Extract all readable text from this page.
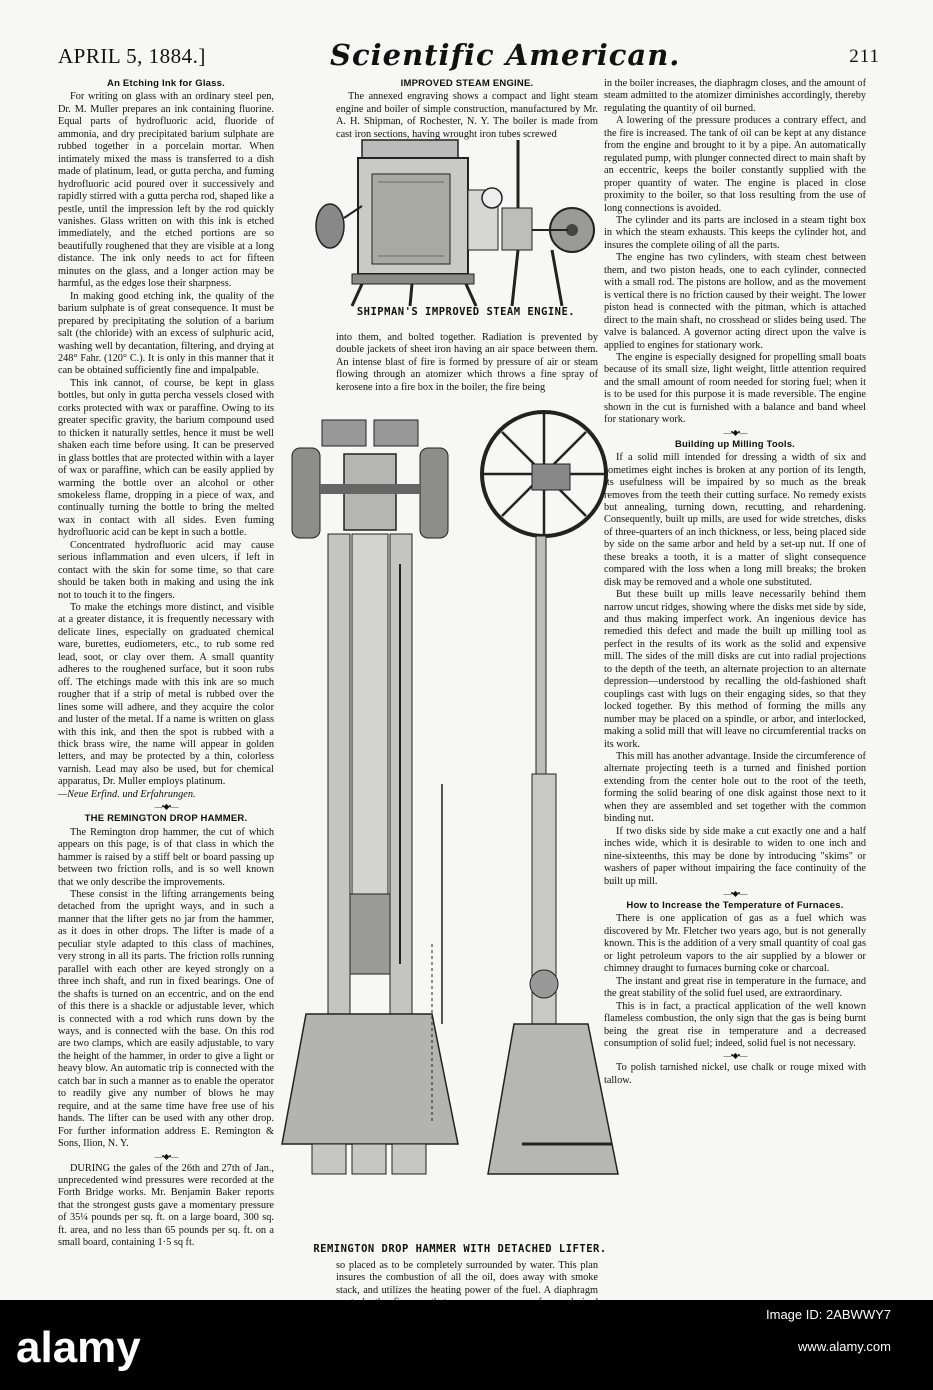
APRIL 5, 1884.]	Scientific American.	211
An Etching Ink for Glass.

For writing on glass with an ordinary steel pen, Dr. M. Muller prepares an ink containing fluorine. Equal parts of hydrofluoric acid, fluoride of ammonia, and dry precipitated barium sulphate are rubbed together in a porcelain mortar. When intimately mixed the mass is transferred to a dish made of platinum, lead, or gutta percha, and fuming hydrofluoric acid poured over it successively and rapidly stirred with a gutta percha rod, shaped like a pestle, until the impression left by the rod quickly vanishes. Glass written on with this ink is etched immediately, and the etched portions are so beautifully roughened that they are visible at a long distance. The ink only needs to act for fifteen minutes on the glass, and a longer action may be harmful, as the edges lose their sharpness.

In making good etching ink, the quality of the barium sulphate is of great consequence. It must be prepared by precipitating the solution of a barium salt (the chloride) with an excess of sulphuric acid, washing well by decantation, filtering, and drying at 248° Fahr. (120° C.). It is only in this manner that it can be obtained sufficiently fine and impalpable.

This ink cannot, of course, be kept in glass bottles, but only in gutta percha vessels closed with corks protected with wax or paraffine. Owing to its greater specific gravity, the barium compound used to thicken it naturally settles, hence it must be well shaken each time before using. It can be preserved in glass bottles that are protected within with a layer of wax or paraffine, which can be easily applied by warming the bottle over an alcohol or other smokeless flame, dropping in a piece of wax, and continually turning the bottle to bring the melted wax in contact with all sides. Even fuming hydrofluoric acid can be kept in such a bottle.

Concentrated hydrofluoric acid may cause serious inflammation and even ulcers, if left in contact with the skin for some time, so that care should be taken both in making and using the ink not to touch it to the fingers.

To make the etchings more distinct, and visible at a greater distance, it is frequently necessary with delicate lines, especially on graduated chemical ware, burettes, eudiometers, etc., to rub some red lead, soot, or clay over them. A small quantity adheres to the roughened surface, but it soon rubs off. The etchings made with this ink are so much rougher that if a strip of metal is rubbed over the lines some will adhere, and they acquire the color and luster of the metal. If a name is written on glass with this ink, and then the spot is rubbed with a thick brass wire, the name will appear in golden letters, and may be protected by a thin, colorless varnish. Lead may also be used, but for chemical apparatus, Dr. Muller employs platinum.

—Neue Erfind. und Erfahrungen.

—•◆•—
THE REMINGTON DROP HAMMER.

The Remington drop hammer, the cut of which appears on this page, is of that class in which the hammer is raised by a stiff belt or board passing up between two friction rolls, and is so well known that we only describe the improvements.

These consist in the lifting arrangements being detached from the upright ways, and in such a manner that the lifter gets no jar from the hammer, as it does in other drops. The lifter is made of a peculiar style adapted to this class of machines, very strong in all its parts. The friction rolls running parallel with each other are keyed strongly on a three inch shaft, and run in fixed bearings. One of the shafts is turned on an eccentric, and on the end of this there is a shackle or adjustable lever, which is connected with a rod which runs down by the ways, and is connected with the base. On this rod are two clamps, which are easily adjustable, to vary the height of the hammer, in order to give a light or heavy blow. An automatic trip is connected with the catch bar in such a manner as to enable the operator to readily give any number of blows he may require, and at the same time have free use of his hands. The lifter can be used with any other drop. For further information address E. Remington & Sons, Ilion, N. Y.

—•◆•—

DURING the gales of the 26th and 27th of Jan., unprecedented wind pressures were recorded at the Forth Bridge works. Mr. Benjamin Baker reports that the strongest gusts gave a momentary pressure of 35¼ pounds per sq. ft. on a large board, 300 sq. ft. area, and no less than 65 pounds per sq. ft. on a small board, containing 1·5 sq ft.

IMPROVED STEAM ENGINE.

The annexed engraving shows a compact and light steam engine and boiler of simple construction, manufactured by Mr. A. H. Shipman, of Rochester, N. Y. The boiler is made from cast iron sections, having wrought iron tubes screwed

SHIPMAN'S IMPROVED STEAM ENGINE.

into them, and bolted together. Radiation is prevented by double jackets of sheet iron having an air space between them. An intense blast of fire is formed by pressure of air or steam flowing through an atomizer which throws a fine spray of kerosene into a fire box in the boiler, the fire being

REMINGTON DROP HAMMER WITH DETACHED LIFTER.

so placed as to be completely surrounded by water. This plan insures the combustion of all the oil, does away with smoke stack, and utilizes the heating power of the fuel. A diaphragm

in the boiler increases, the diaphragm closes, and the amount of steam admitted to the atomizer diminishes accordingly, thereby regulating the quantity of oil burned.

A lowering of the pressure produces a contrary effect, and the fire is increased. The tank of oil can be kept at any distance from the engine and brought to it by a pipe. An automatically regulated pump, with plunger connected direct to main shaft by an eccentric, keeps the boiler constantly supplied with the proper quantity of water. The engine is placed in close proximity to the boiler, so that loss resulting from the use of long connections is avoided.

The cylinder and its parts are inclosed in a steam tight box in which the steam exhausts. This keeps the cylinder hot, and insures the complete oiling of all the parts.

The engine has two cylinders, with steam chest between them, and two piston heads, one to each cylinder, connected with a small rod. The pistons are hollow, and as the movement is vertical there is no friction caused by their weight. The lower piston head is connected with the pitman, which is attached direct to the main shaft, no crosshead or slides being used. The valve is balanced. A governor acting direct upon the valve is applied to engines for stationary work.

The engine is especially designed for propelling small boats because of its small size, light weight, little attention required and the small amount of room needed for storing fuel; when it is to be used for this purpose it is made reversible. The engine shown in the cut is furnished with a balance and band wheel for stationary work.

—•◆•—
Building up Milling Tools.

If a solid mill intended for dressing a width of six and sometimes eight inches is broken at any portion of its length, its usefulness will be impaired by so much as the break removes from the teeth their cutting surface. No remedy exists but annealing, turning down, recutting, and rehardening. Consequently, built up mills, are used for wide stretches, disks of three-quarters of an inch thickness, or less, being placed side by side on the same arbor and held by a set-up nut. If one of these breaks a tooth, it is a matter of slight consequence compared with the loss when a long mill breaks; the broken disk may be removed and a whole one substituted.

But these built up mills leave necessarily behind them narrow uncut ridges, showing where the disks met side by side, and thus making imperfect work. An ingenious device has remedied this defect and made the built up milling tool as perfect in the results of its work as the solid and expensive mill. The sides of the mill disks are cut into radial projections to the depth of the teeth, an alternate projection to an alternate depression—understood by recalling the old-fashioned shaft couplings cast with lugs on their engaging sides, so that they locked together. By this method of forming the mills any number may be placed on a spindle, or arbor, and interlocked, making a solid mill that will leave no circumferential tracks on its work.

This mill has another advantage. Inside the circumference of alternate projecting teeth is a turned and finished portion extending from the center hole out to the root of the teeth, forming the solid bearing of one disk against those next to it when they are assembled and set together with the common binding nut.

If two disks side by side make a cut exactly one and a half inches wide, which it is desirable to widen to one inch and nine-sixteenths, this may be done by introducing "skims" or washers of paper without impairing the face continuity of the built up mill.

—•◆•—
How to Increase the Temperature of Furnaces.

There is one application of gas as a fuel which was discovered by Mr. Fletcher two years ago, but is not generally known. This is the addition of a very small quantity of coal gas or light petroleum vapors to the air supplied by a blower or chimney draught to furnaces burning coke or charcoal.

The instant and great rise in temperature in the furnace, and the great stability of the solid fuel used, are extraordinary.

This is in fact, a practical application of the well known flameless combustion, the only sign that the gas is being burnt being the great rise in temperature and a decreased consumption of solid fuel; indeed, solid fuel is not necessary.

—•◆•—

To polish tarnished nickel, use chalk or rouge mixed with tallow.

alamy
Image ID: 2ABWWY7
www.alamy.com
